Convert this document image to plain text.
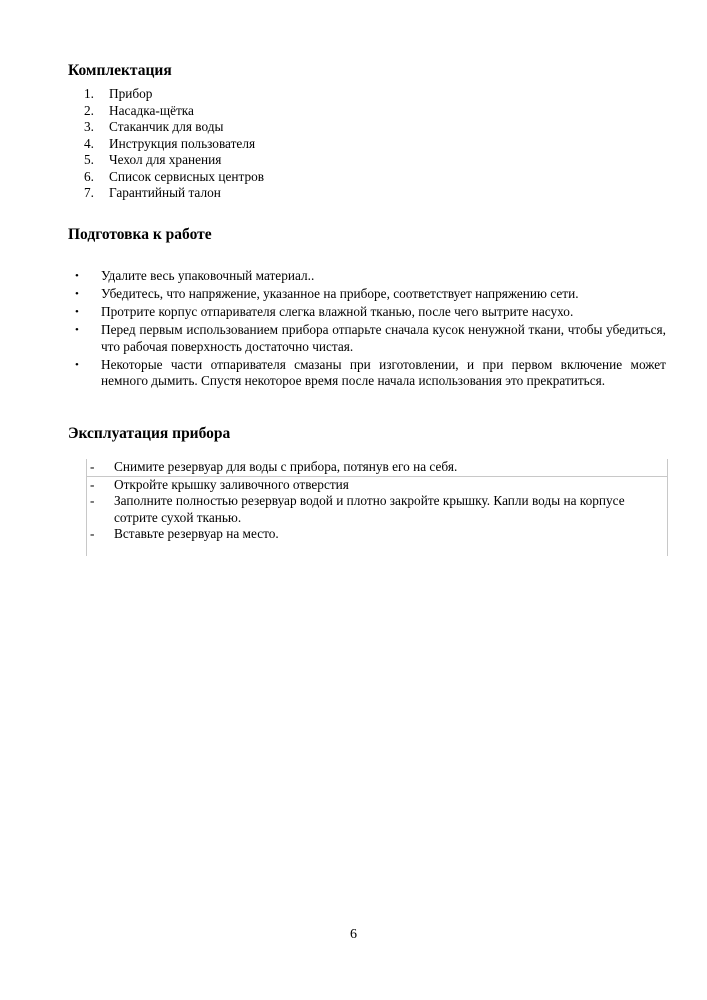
Комплектация
1.	Прибор
2.	Насадка-щётка
3.	Стаканчик для воды
4.	Инструкция пользователя
5.	Чехол для хранения
6.	Список сервисных центров
7.	Гарантийный талон
Подготовка к работе
•	Удалите весь упаковочный материал..
•	Убедитесь, что напряжение, указанное на приборе, соответствует напряжению сети.
•	Протрите корпус отпаривателя слегка влажной тканью, после чего вытрите насухо.
•	Перед первым использованием прибора отпарьте сначала кусок ненужной ткани, чтобы убедиться, что рабочая поверхность достаточно чистая.
•	Некоторые части отпаривателя смазаны при изготовлении, и при первом включение может немного дымить. Спустя некоторое время после начала использования это прекратиться.
Эксплуатация прибора
-	Снимите резервуар для воды с прибора, потянув его на себя.
-	Откройте крышку заливочного отверстия
-	Заполните полностью резервуар водой и плотно закройте крышку. Капли воды на корпусе сотрите сухой тканью.
-	Вставьте резервуар на место.
6
